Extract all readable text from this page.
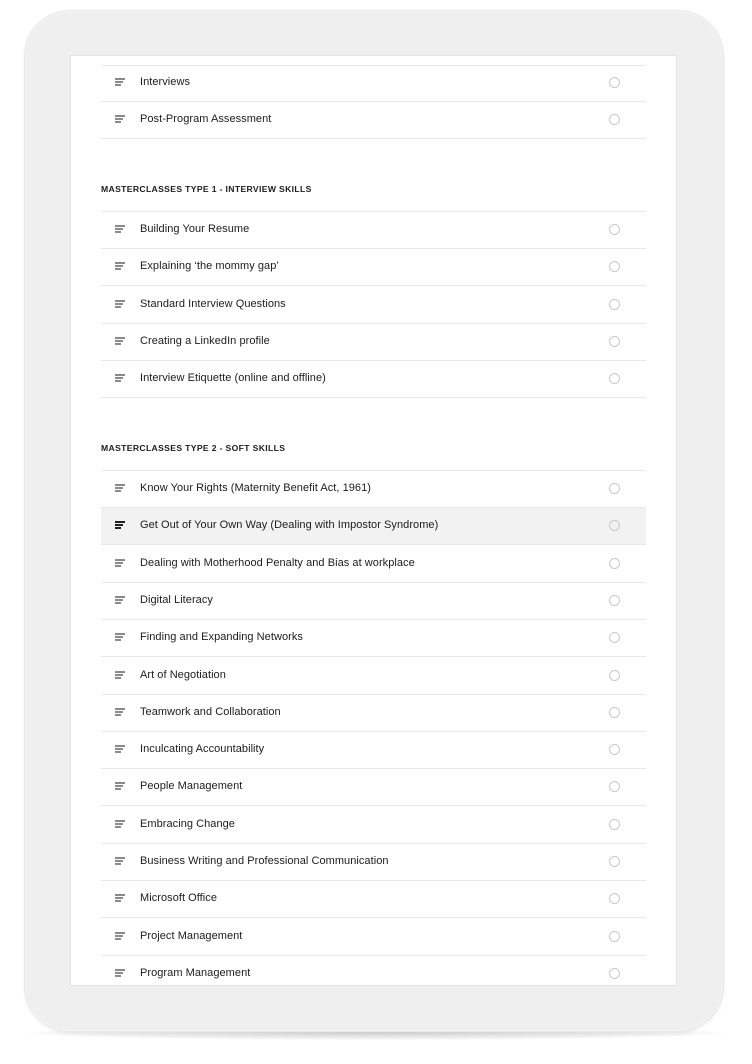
Interviews
Post-Program Assessment
MASTERCLASSES TYPE 1 - INTERVIEW SKILLS
Building Your Resume
Explaining ‘the mommy gap’
Standard Interview Questions
Creating a LinkedIn profile
Interview Etiquette (online and offline)
MASTERCLASSES TYPE 2 - SOFT SKILLS
Know Your Rights (Maternity Benefit Act, 1961)
Get Out of Your Own Way (Dealing with Impostor Syndrome)
Dealing with Motherhood Penalty and Bias at workplace
Digital Literacy
Finding and Expanding Networks
Art of Negotiation
Teamwork and Collaboration
Inculcating Accountability
People Management
Embracing Change
Business Writing and Professional Communication
Microsoft Office
Project Management
Program Management
